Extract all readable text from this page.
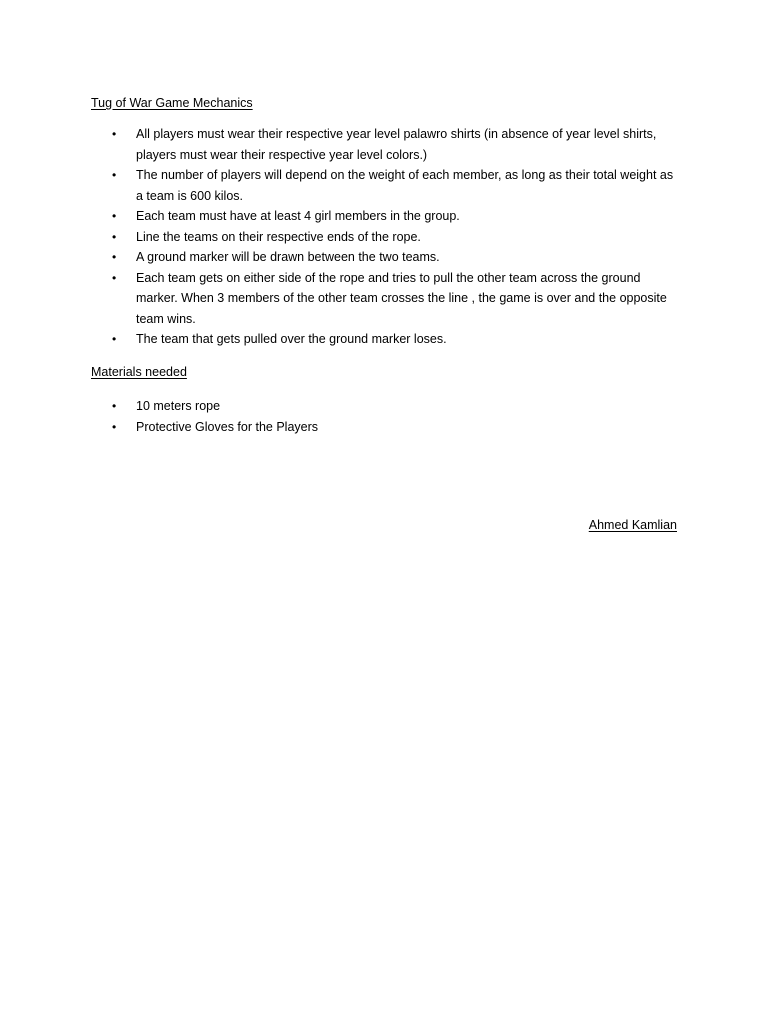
Tug of War Game Mechanics
• All players must wear their respective year level palawro shirts (in absence of year level shirts, players must wear their respective year level colors.)
• The number of players will depend on the weight of each member, as long as their total weight as a team is 600 kilos.
• Each team must have at least 4 girl members in the group.
• Line the teams on their respective ends of the rope.
• A ground marker will be drawn between the two teams.
• Each team gets on either side of the rope and tries to pull the other team across the ground marker. When 3 members of the other team crosses the line , the game is over and the opposite team wins.
• The team that gets pulled over the ground marker loses.
Materials needed
• 10 meters rope
• Protective Gloves for the Players
Ahmed Kamlian
